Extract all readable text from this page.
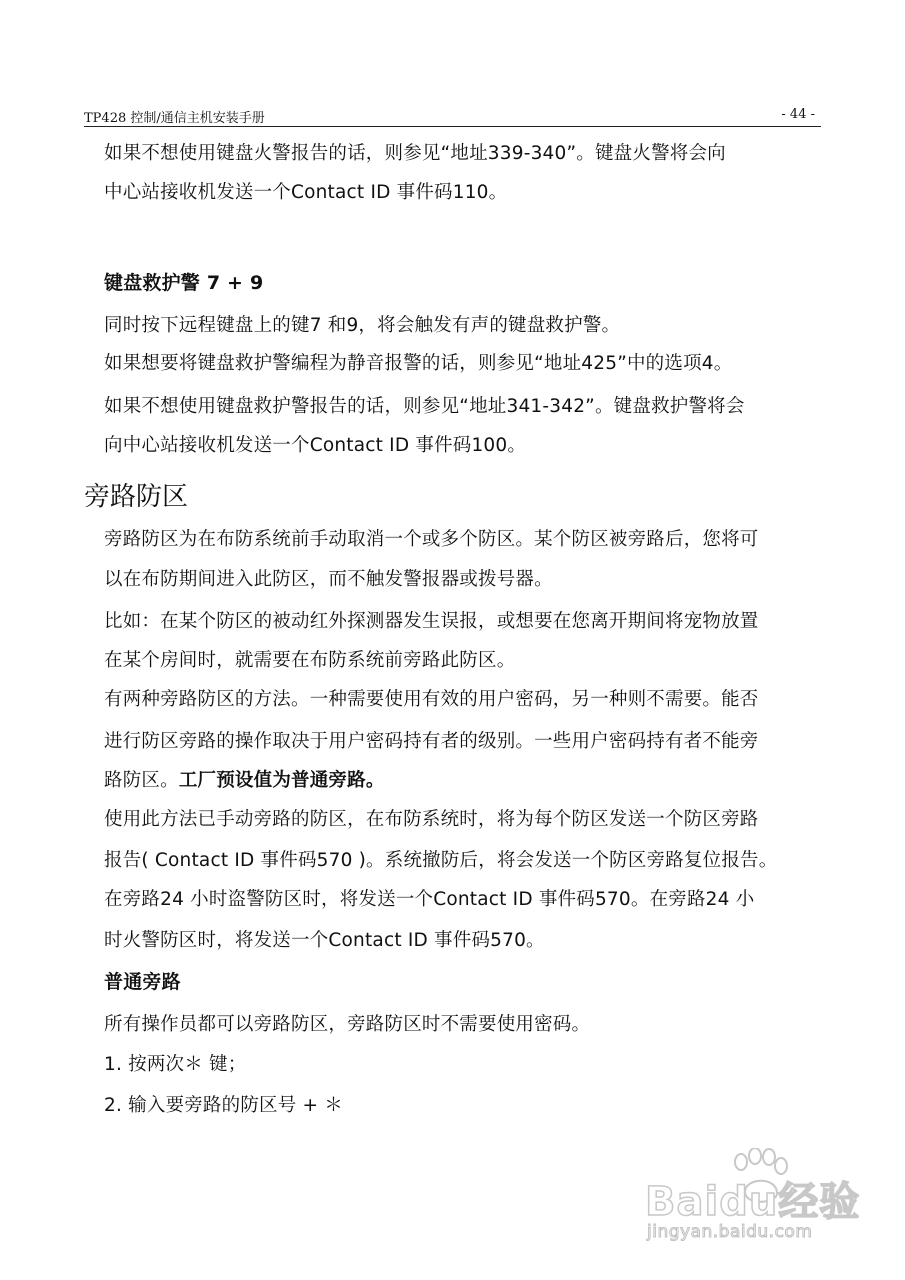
TP428 控制/通信主机安装手册	- 44 -
如果不想使用键盘火警报告的话，则参见“地址339-340”。键盘火警将会向
中心站接收机发送一个Contact ID 事件码110。
键盘救护警 7 + 9
同时按下远程键盘上的键7 和9，将会触发有声的键盘救护警。
如果想要将键盘救护警编程为静音报警的话，则参见“地址425”中的选项4。
如果不想使用键盘救护警报告的话，则参见“地址341-342”。键盘救护警将会
向中心站接收机发送一个Contact ID 事件码100。
旁路防区
旁路防区为在布防系统前手动取消一个或多个防区。某个防区被旁路后，您将可
以在布防期间进入此防区，而不触发警报器或拨号器。
比如：在某个防区的被动红外探测器发生误报，或想要在您离开期间将宠物放置
在某个房间时，就需要在布防系统前旁路此防区。
有两种旁路防区的方法。一种需要使用有效的用户密码，另一种则不需要。能否
进行防区旁路的操作取决于用户密码持有者的级别。一些用户密码持有者不能旁
路防区。工厂预设值为普通旁路。
使用此方法已手动旁路的防区，在布防系统时，将为每个防区发送一个防区旁路
报告( Contact ID 事件码570 )。系统撤防后，将会发送一个防区旁路复位报告。
在旁路24 小时盗警防区时，将发送一个Contact ID 事件码570。在旁路24 小
时火警防区时，将发送一个Contact ID 事件码570。
普通旁路
所有操作员都可以旁路防区，旁路防区时不需要使用密码。
1. 按两次＊ 键；
2. 输入要旁路的防区号 + ＊
Baidu经验
jingyan.baidu.com
